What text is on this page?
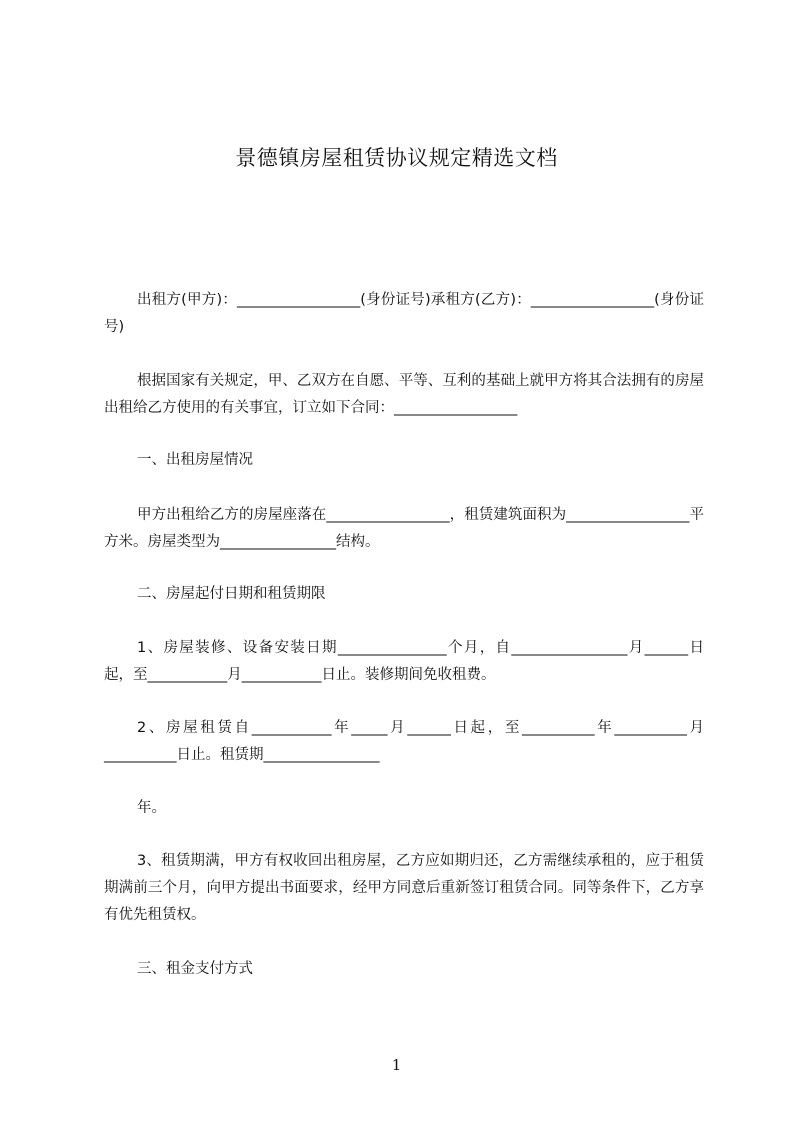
景德镇房屋租赁协议规定精选文档
出租方(甲方)：_________________(身份证号)承租方(乙方)：_________________(身份证号)
根据国家有关规定，甲、乙双方在自愿、平等、互利的基础上就甲方将其合法拥有的房屋出租给乙方使用的有关事宜，订立如下合同：_________________
一、出租房屋情况
甲方出租给乙方的房屋座落在_________________，租赁建筑面积为_________________平方米。房屋类型为________________结构。
二、房屋起付日期和租赁期限
1、房屋装修、设备安装日期_______________个月，自________________月______日起，至___________月___________日止。装修期间免收租费。
2、房屋租赁自___________年_____月______日起，至__________年__________月__________日止。租赁期________________
年。
3、租赁期满，甲方有权收回出租房屋，乙方应如期归还，乙方需继续承租的，应于租赁期满前三个月，向甲方提出书面要求，经甲方同意后重新签订租赁合同。同等条件下，乙方享有优先租赁权。
三、租金支付方式
1
